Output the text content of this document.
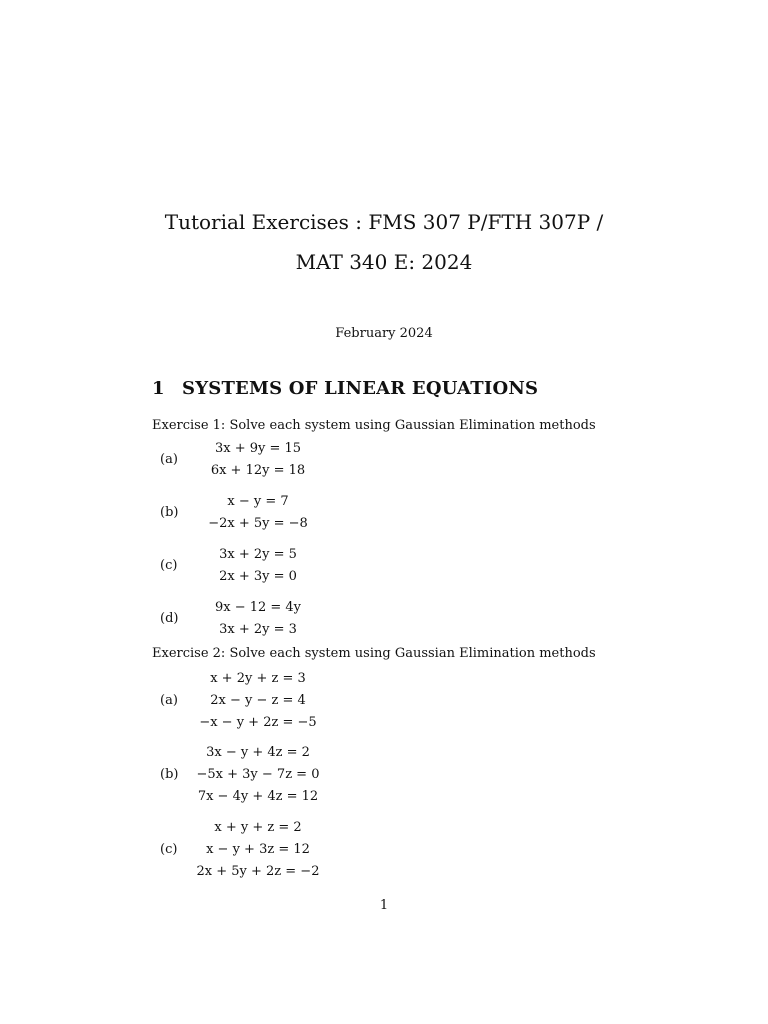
Tutorial Exercises : FMS 307 P/FTH 307P /
MAT 340 E: 2024
February 2024
1 SYSTEMS OF LINEAR EQUATIONS
Exercise 1: Solve each system using Gaussian Elimination methods
(a)
3x + 9y = 15
6x + 12y = 18
(b)
x − y = 7
−2x + 5y = −8
(c)
3x + 2y = 5
2x + 3y = 0
(d)
9x − 12 = 4y
3x + 2y = 3
Exercise 2: Solve each system using Gaussian Elimination methods
(a)
x + 2y + z = 3
2x − y − z = 4
−x − y + 2z = −5
(b)
3x − y + 4z = 2
−5x + 3y − 7z = 0
7x − 4y + 4z = 12
(c)
x + y + z = 2
x − y + 3z = 12
2x + 5y + 2z = −2
1
